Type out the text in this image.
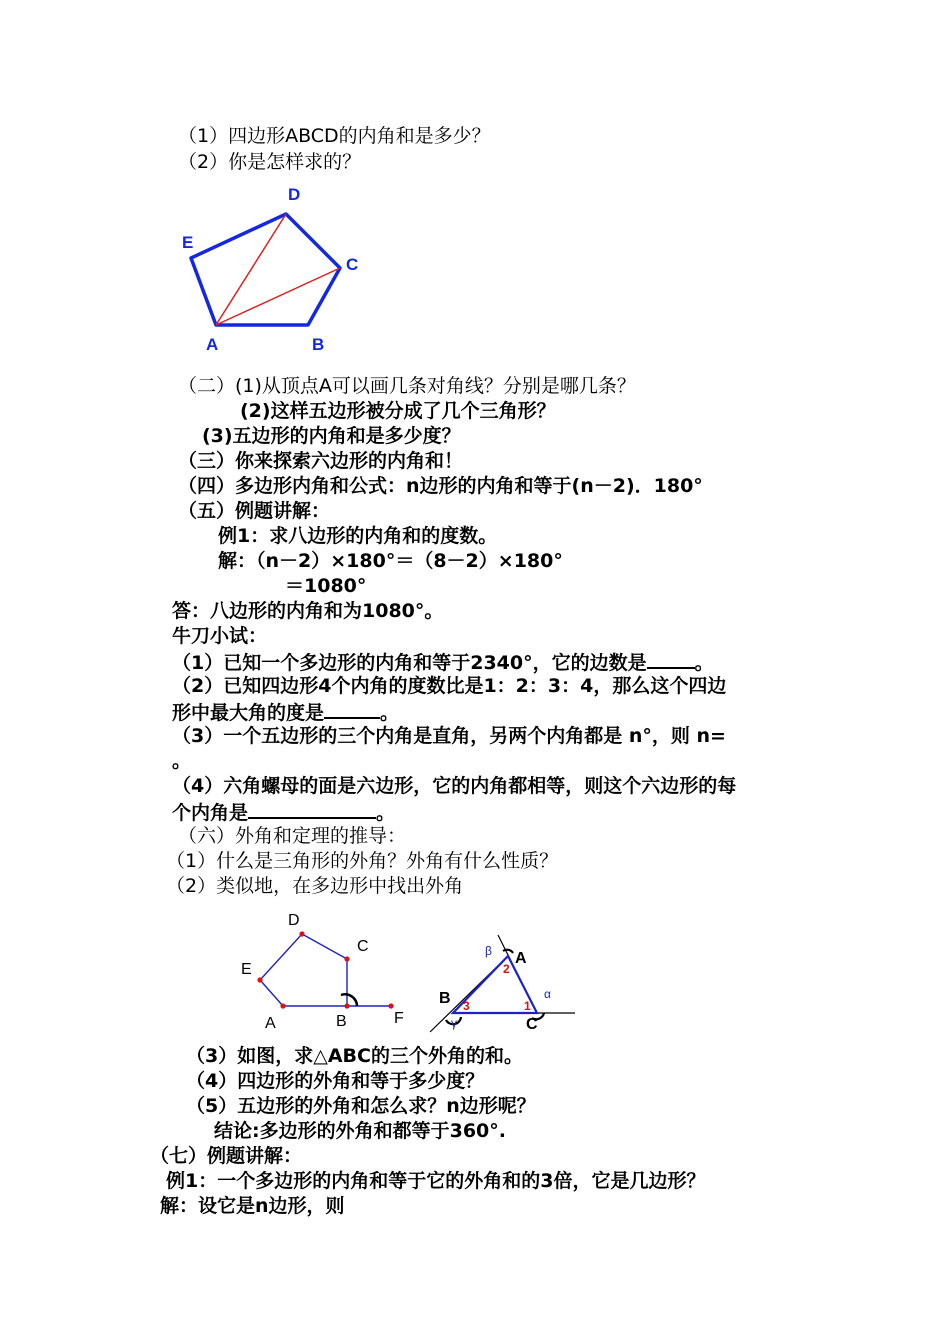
（1）四边形ABCD的内角和是多少？
（2）你是怎样求的？
D
E
C
A	B
（二）(1)从顶点A可以画几条对角线？分别是哪几条？
(2)这样五边形被分成了几个三角形？
(3)五边形的内角和是多少度？
（三）你来探索六边形的内角和！
（四）多边形内角和公式：n边形的内角和等于(n－2)．180°
（五）例题讲解：
例1：求八边形的内角和的度数。
解：（n－2）×180°＝（8－2）×180°
＝1080°
答：八边形的内角和为1080°。
牛刀小试：
（1）已知一个多边形的内角和等于2340°，它的边数是	。
（2）已知四边形4个内角的度数比是1：2：3：4，那么这个四边
形中最大角的度是	。
（3）一个五边形的三个内角是直角，另两个内角都是 n°，则 n=
。
（4）六角螺母的面是六边形，它的内角都相等，则这个六边形的每
个内角是	。
（六）外角和定理的推导：
（1）什么是三角形的外角？外角有什么性质？
（2）类似地，在多边形中找出外角
D
C
E
A	B	F
β A
2
α
B 3	1
γ	C
（3）如图，求△ABC的三个外角的和。
（4）四边形的外角和等于多少度？
（5）五边形的外角和怎么求？n边形呢？
结论:多边形的外角和都等于360°.
（七）例题讲解：
例1：一个多边形的内角和等于它的外角和的3倍，它是几边形？
解：设它是n边形，则
